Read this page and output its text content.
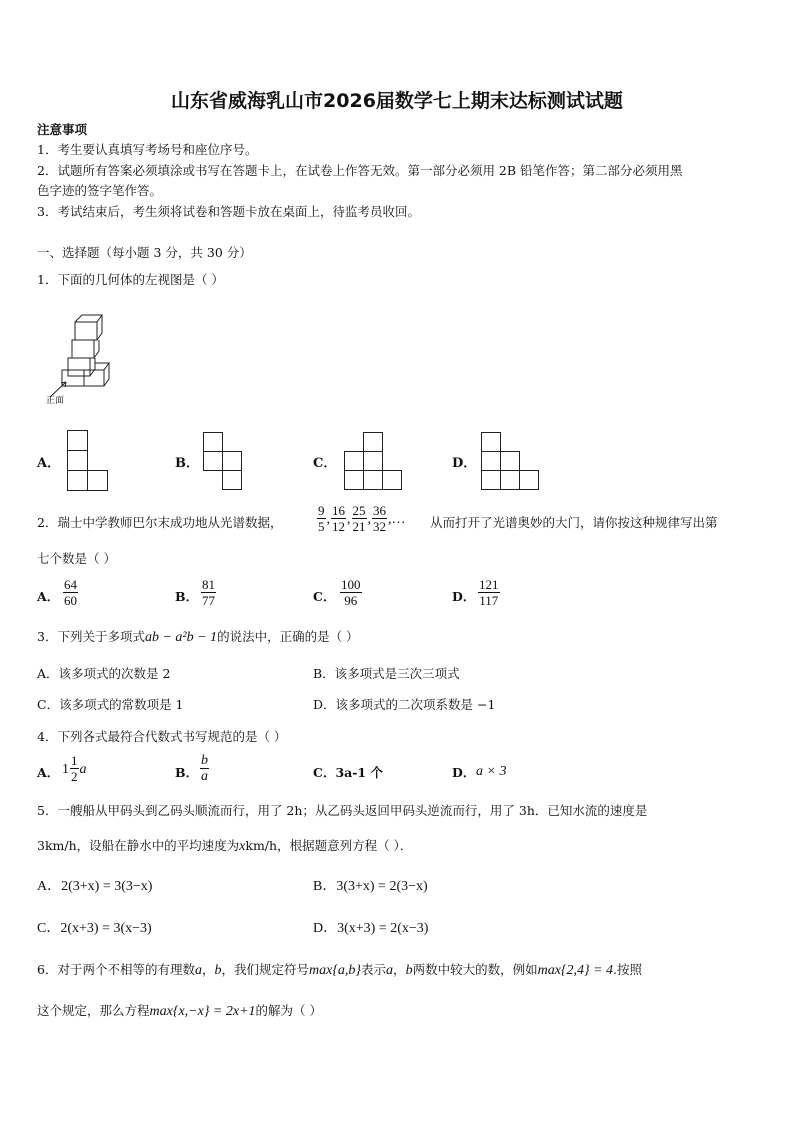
山东省威海乳山市2026届数学七上期末达标测试试题
注意事项
1．考生要认真填写考场号和座位序号。
2．试题所有答案必须填涂或书写在答题卡上，在试卷上作答无效。第一部分必须用 2B 铅笔作答；第二部分必须用黑
色字迹的签字笔作答。
3．考试结束后，考生须将试卷和答题卡放在桌面上，待监考员收回。
一、选择题（每小题 3 分，共 30 分）
1．下面的几何体的左视图是（ ）
正面
A．	B．	C．	D．
2．瑞士中学教师巴尔末成功地从光谱数据，	$\frac{9}{5}$ , $\frac{16}{12}$ , $\frac{25}{21}$ , $\frac{36}{32}$ ,… 从而打开了光谱奥妙的大门，请你按这种规律写出第
七个数是（ ）
A． $\frac{64}{60}$	B． $\frac{81}{77}$	C． $\frac{100}{96}$	D． $\frac{121}{117}$
3．下列关于多项式ab − a²b − 1的说法中，正确的是（ ）
A．该多项式的次数是 2	B．该多项式是三次三项式
C．该多项式的常数项是 1	D．该多项式的二次项系数是 −1
4．下列各式最符合代数式书写规范的是（ ）
A． $1 \frac{1}{2}$ a	B． $\frac{b}{a}$	C．3a-1 个	D． a × 3
5．一艘船从甲码头到乙码头顺流而行，用了 2h；从乙码头返回甲码头逆流而行，用了 3h．已知水流的速度是
3km/h，设船在静水中的平均速度为xkm/h，根据题意列方程（ ）．
A．2(3+x) = 3(3−x)	B．3(3+x) = 2(3−x)
C．2(x+3) = 3(x−3)	D．3(x+3) = 2(x−3)
6．对于两个不相等的有理数a，b，我们规定符号max{a,b}表示a，b两数中较大的数，例如max{2,4} = 4.按照
这个规定，那么方程max{x,−x} = 2x+1的解为（ ）
